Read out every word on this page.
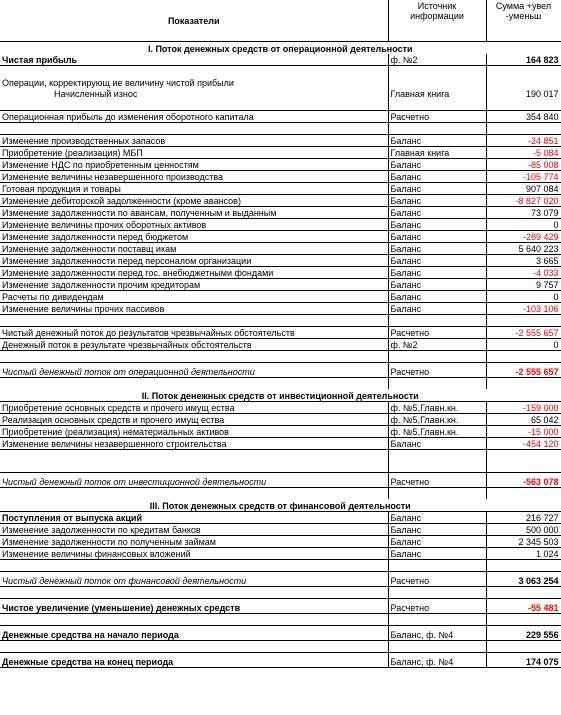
Показатели	Источник информации	Сумма +увел -уменьш
I. Поток денежных средств от операционной деятельности		
Чистая прибыль	ф. №2	164 823

Операции, корректирующ ие величину чистой прибыли		
Начисленный износ	Главная книга	190 017

Операционная прибыль до изменения оборотного капитала	Расчетно	354 840

Изменение производственных запасов	Баланс	-24 851
Приобретение (реализация) МБП	Главная книга	-5 084
Изменение НДС по приобретенным ценностям	Баланс	-85 008
Изменение величины незавершенного производства	Баланс	-105 774
Готовая продукция и товары	Баланс	907 084
Изменение дебиторской задолженности (кроме авансов)	Баланс	-8 827 020
Изменение задолженности по авансам, полученным и выданным	Баланс	73 079
Изменение величины прочих оборотных активов	Баланс	0
Изменение задолженности перед бюджетом	Баланс	-289 429
Изменение задолженности поставщ икам	Баланс	5 640 223
Изменение задолженности перед персоналом организации	Баланс	3 665
Изменение задолженности перед гос. внебюджетными фондами	Баланс	-4 033
Изменение задолженности прочим кредиторам	Баланс	9 757
Расчеты по дивидендам	Баланс	0
Изменение величины прочих пассивов	Баланс	-103 106

Чистый денежный поток до результатов чрезвычайных обстоятельств	Расчетно	-2 555 657
Денежный поток в результате чрезвычайных обстоятельств	ф. №2	0

Чистый денежный поток от операционной деятельности	Расчетно	-2 555 657

II. Поток денежных средств от инвестиционной деятельности		
Приобретение основных средств и прочего имущ ества	ф. №5,Главн.кн.	-159 000
Реализация основных средств и прочего имущ ества	ф. №5,Главн.кн.	65 042
Приобретение (реализация) нематериальных активов	ф. №5,Главн.кн.	-15 000
Изменение величины незавершенного строительства	Баланс	-454 120

Чистый денежный поток от инвестиционной деятельности	Расчетно	-563 078

III. Поток денежных средств от финансовой деятельности		
Поступления от выпуска акций	Баланс	216 727
Изменение задолженности по кредитам банков	Баланс	500 000
Изменение задолженности по полученным займам	Баланс	2 345 503
Изменение величины финансовых вложений	Баланс	1 024

Чистый денежный поток от финансовой деятельности	Расчетно	3 063 254

Чистое увеличение (уменьшение) денежных средств	Расчетно	-55 481

Денежные средства на начало периода	Баланс, ф. №4	229 556

Денежные средства на конец периода	Баланс, ф. №4	174 075
